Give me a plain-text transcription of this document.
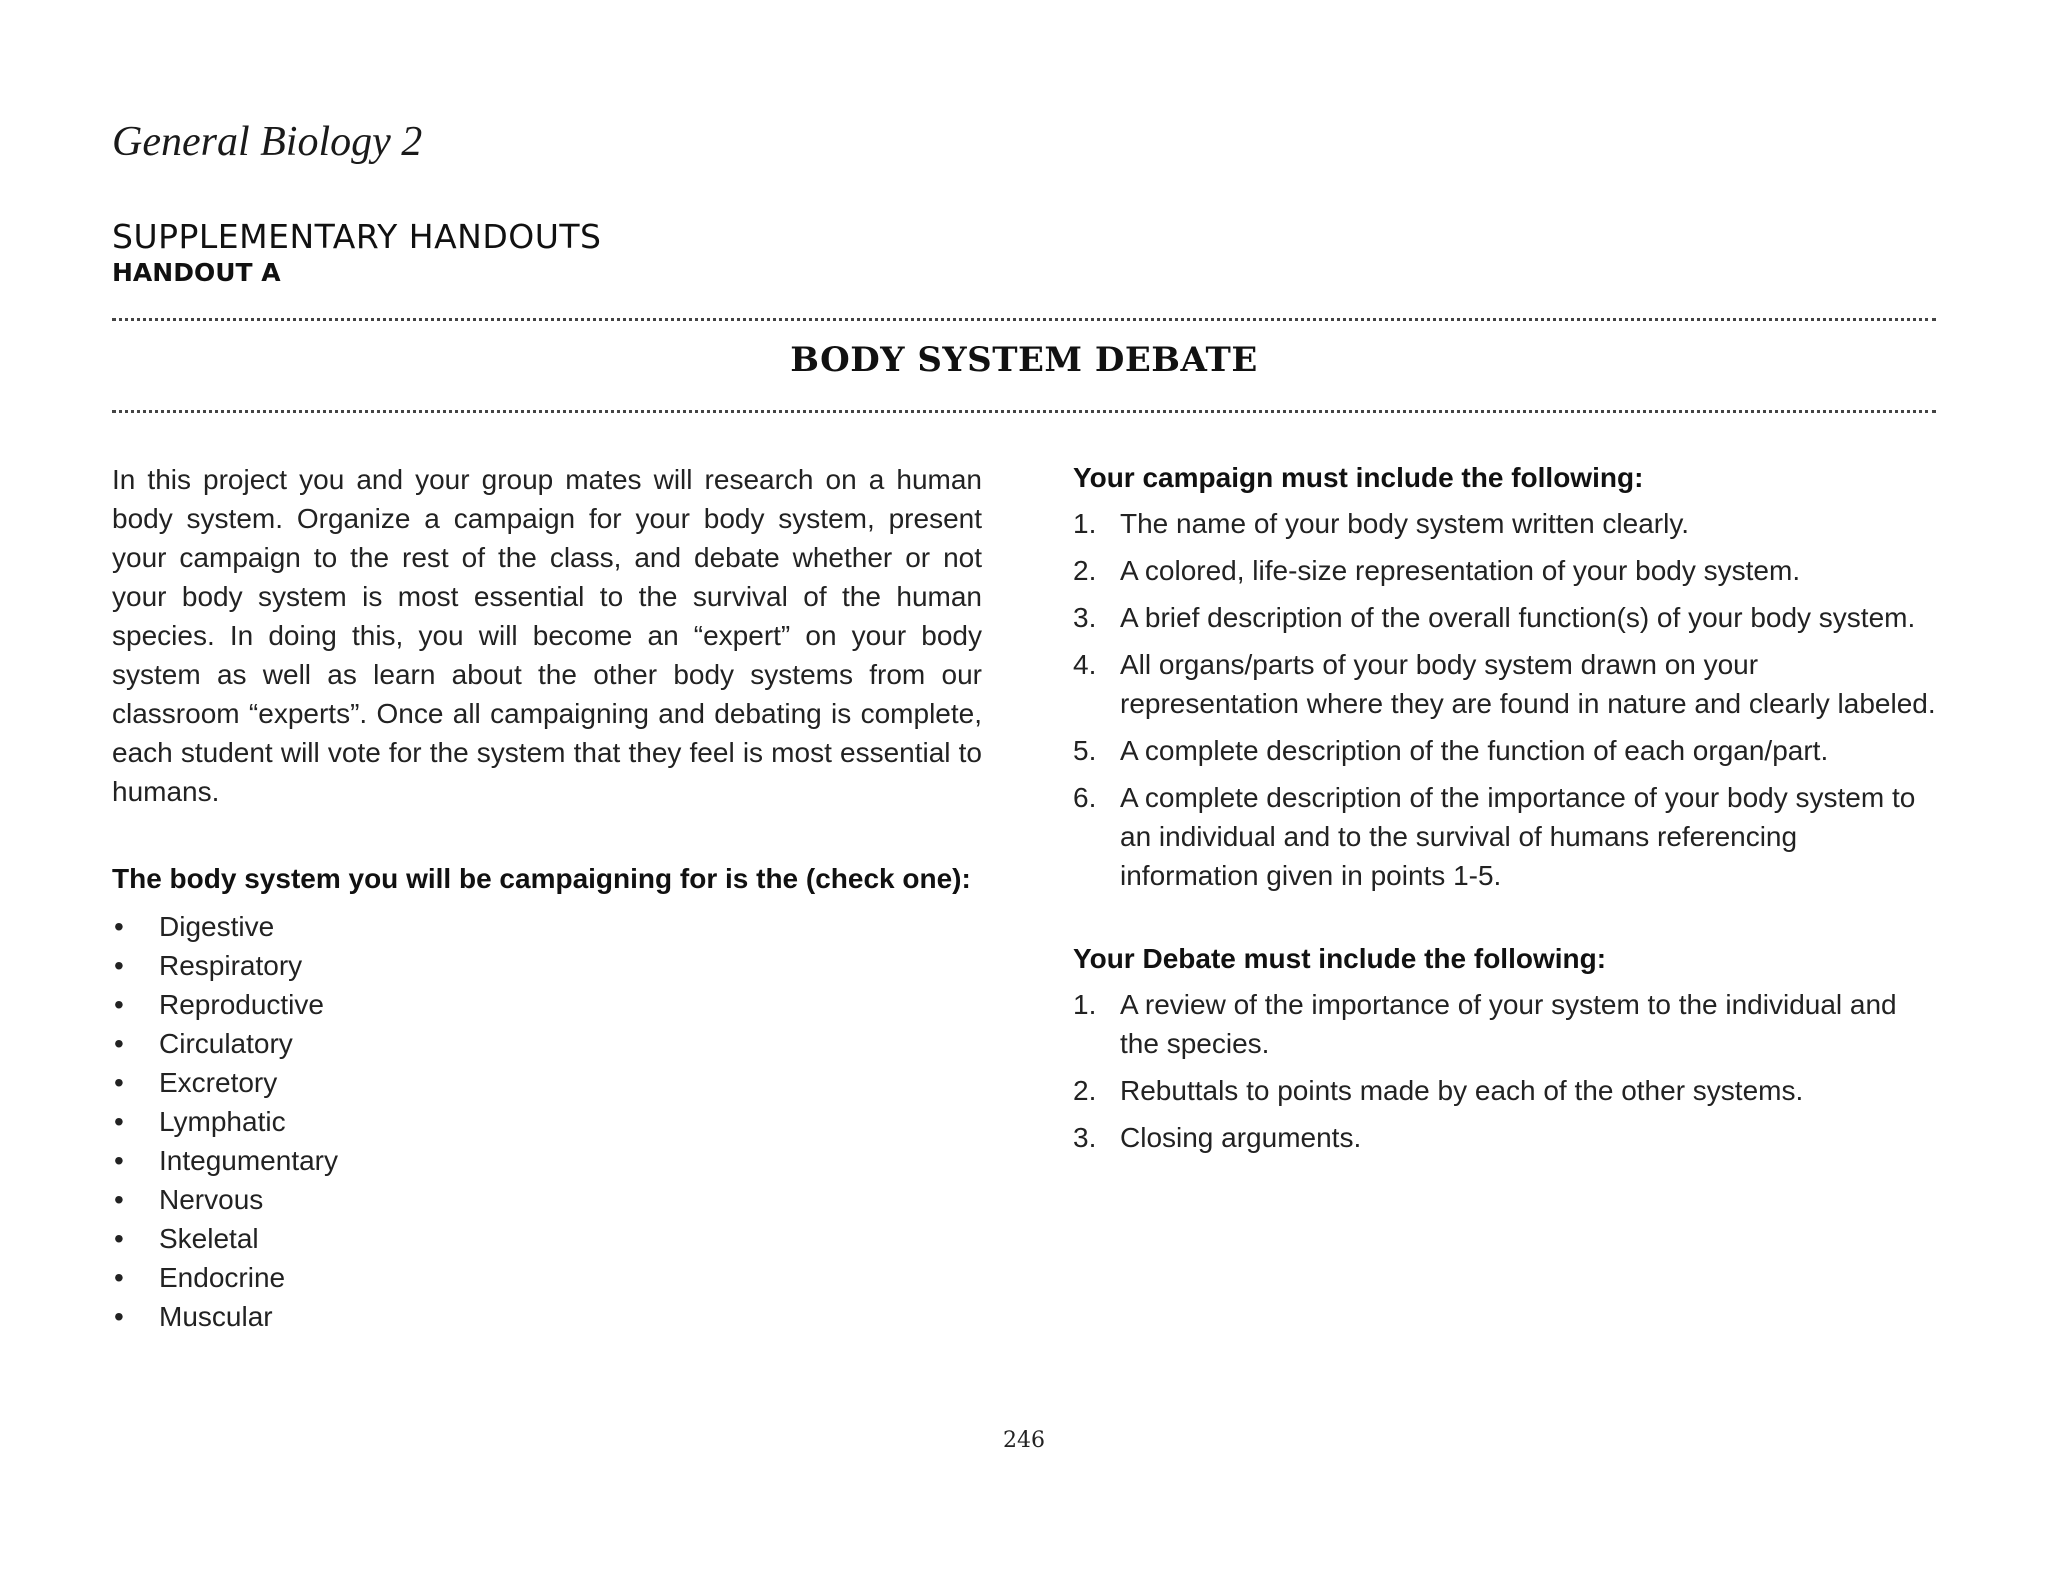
General Biology 2
SUPPLEMENTARY HANDOUTS
HANDOUT A
BODY SYSTEM DEBATE

In this project you and your group mates will research on a human body system. Organize a campaign for your body system, present your campaign to the rest of the class, and debate whether or not your body system is most essential to the survival of the human species. In doing this, you will become an “expert” on your body system as well as learn about the other body systems from our classroom “experts”. Once all campaigning and debating is complete, each student will vote for the system that they feel is most essential to humans.

The body system you will be campaigning for is the (check one):

• Digestive
• Respiratory
• Reproductive
• Circulatory
• Excretory
• Lymphatic
• Integumentary
• Nervous
• Skeletal
• Endocrine
• Muscular

Your campaign must include the following:

1. The name of your body system written clearly.
2. A colored, life-size representation of your body system.
3. A brief description of the overall function(s) of your body system.
4. All organs/parts of your body system drawn on your representation where they are found in nature and clearly labeled.
5. A complete description of the function of each organ/part.
6. A complete description of the importance of your body system to an individual and to the survival of humans referencing information given in points 1-5.

Your Debate must include the following:

1. A review of the importance of your system to the individual and the species.
2. Rebuttals to points made by each of the other systems.
3. Closing arguments.
246
